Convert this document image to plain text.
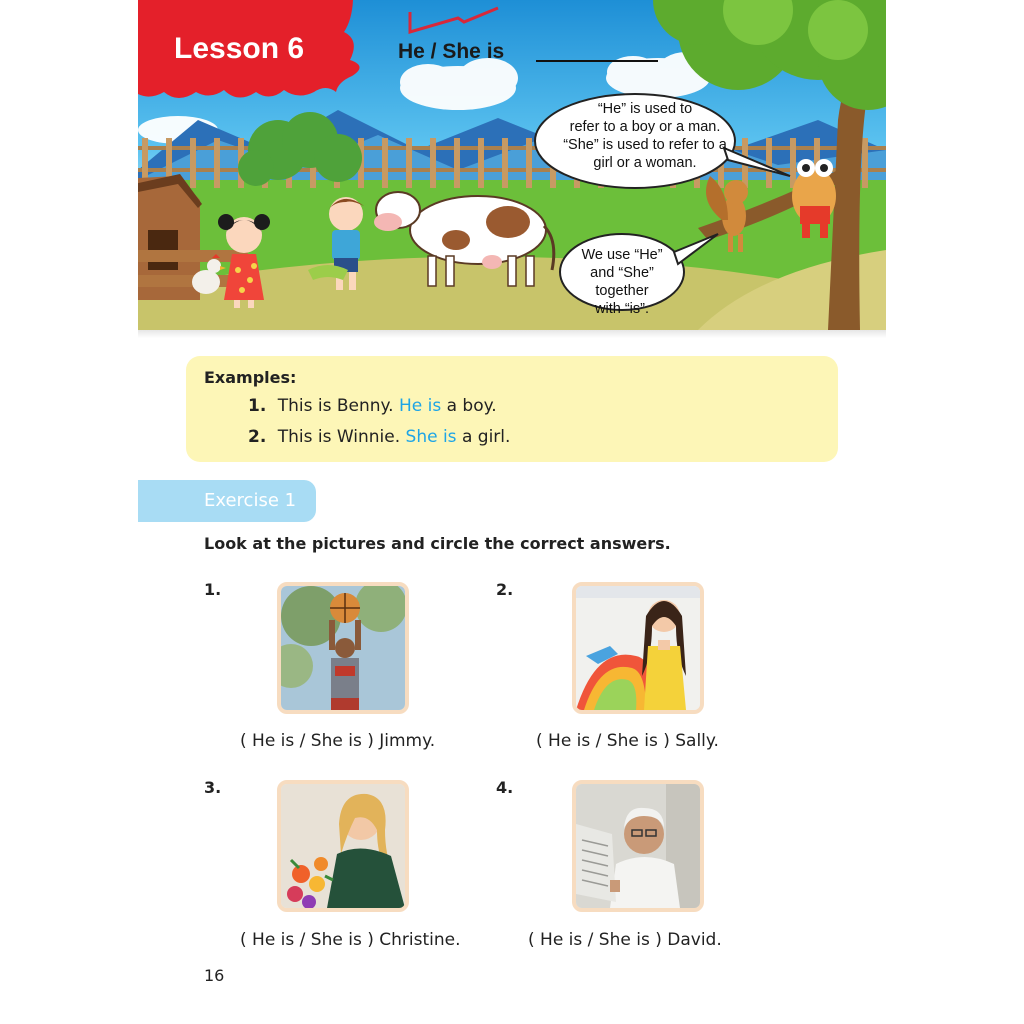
Lesson 6	He / She is
“He” is used to
refer to a boy or a man.
“She” is used to refer to a
girl or a woman.
We use “He”
and “She” together
with “is”.
Examples:
1. This is Benny. He is a boy.
2. This is Winnie. She is a girl.
Exercise 1
Look at the pictures and circle the correct answers.
1.
( He is / She is ) Jimmy.
2.
( He is / She is ) Sally.
3.
( He is / She is ) Christine.
4.
( He is / She is ) David.
16
